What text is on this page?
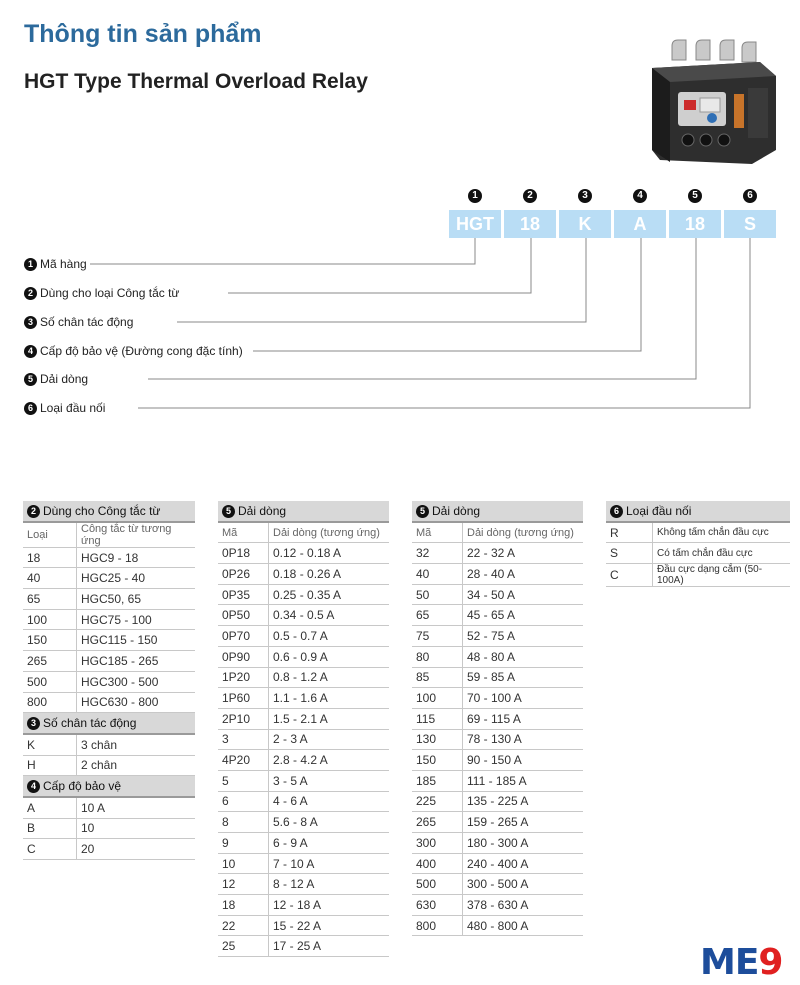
Thông tin sản phẩm
HGT Type Thermal Overload Relay
1
HGT
2
18
3
K
4
A
5
18
6
S
1 Mã hàng
2 Dùng cho loại Công tắc từ
3 Số chân tác động
4 Cấp độ bảo vệ (Đường cong đặc tính)
5 Dải dòng
6 Loại đầu nối
2 Dùng cho Công tắc từ	
Loại	Công tắc từ tương ứng
18	HGC9 - 18
40	HGC25 - 40
65	HGC50, 65
100	HGC75 - 100
150	HGC115 - 150
265	HGC185 - 265
500	HGC300 - 500
800	HGC630 - 800
3 Số chân tác động	
K	3 chân
H	2 chân
4 Cấp độ bảo vệ	
A	10 A
B	10
C	20
5 Dải dòng	
Mã	Dải dòng (tương ứng)
0P18	0.12 - 0.18 A
0P26	0.18 - 0.26 A
0P35	0.25 - 0.35 A
0P50	0.34 - 0.5 A
0P70	0.5 - 0.7 A
0P90	0.6 - 0.9 A
1P20	0.8 - 1.2 A
1P60	1.1 - 1.6 A
2P10	1.5 - 2.1 A
3	2 - 3 A
4P20	2.8 - 4.2 A
5	3 - 5 A
6	4 - 6 A
8	5.6 - 8 A
9	6 - 9 A
10	7 - 10 A
12	8 - 12 A
18	12 - 18 A
22	15 - 22 A
25	17 - 25 A
5 Dải dòng	
Mã	Dải dòng (tương ứng)
32	22 - 32 A
40	28 - 40 A
50	34 - 50 A
65	45 - 65 A
75	52 - 75 A
80	48 - 80 A
85	59 - 85 A
100	70 - 100 A
115	69 - 115 A
130	78 - 130 A
150	90 - 150 A
185	111 - 185 A
225	135 - 225 A
265	159 - 265 A
300	180 - 300 A
400	240 - 400 A
500	300 - 500 A
630	378 - 630 A
800	480 - 800 A
6 Loại đầu nối	
R	Không tấm chắn đầu cực
S	Có tấm chắn đầu cực
C	Đầu cực dạng cắm (50-100A)
ME9
